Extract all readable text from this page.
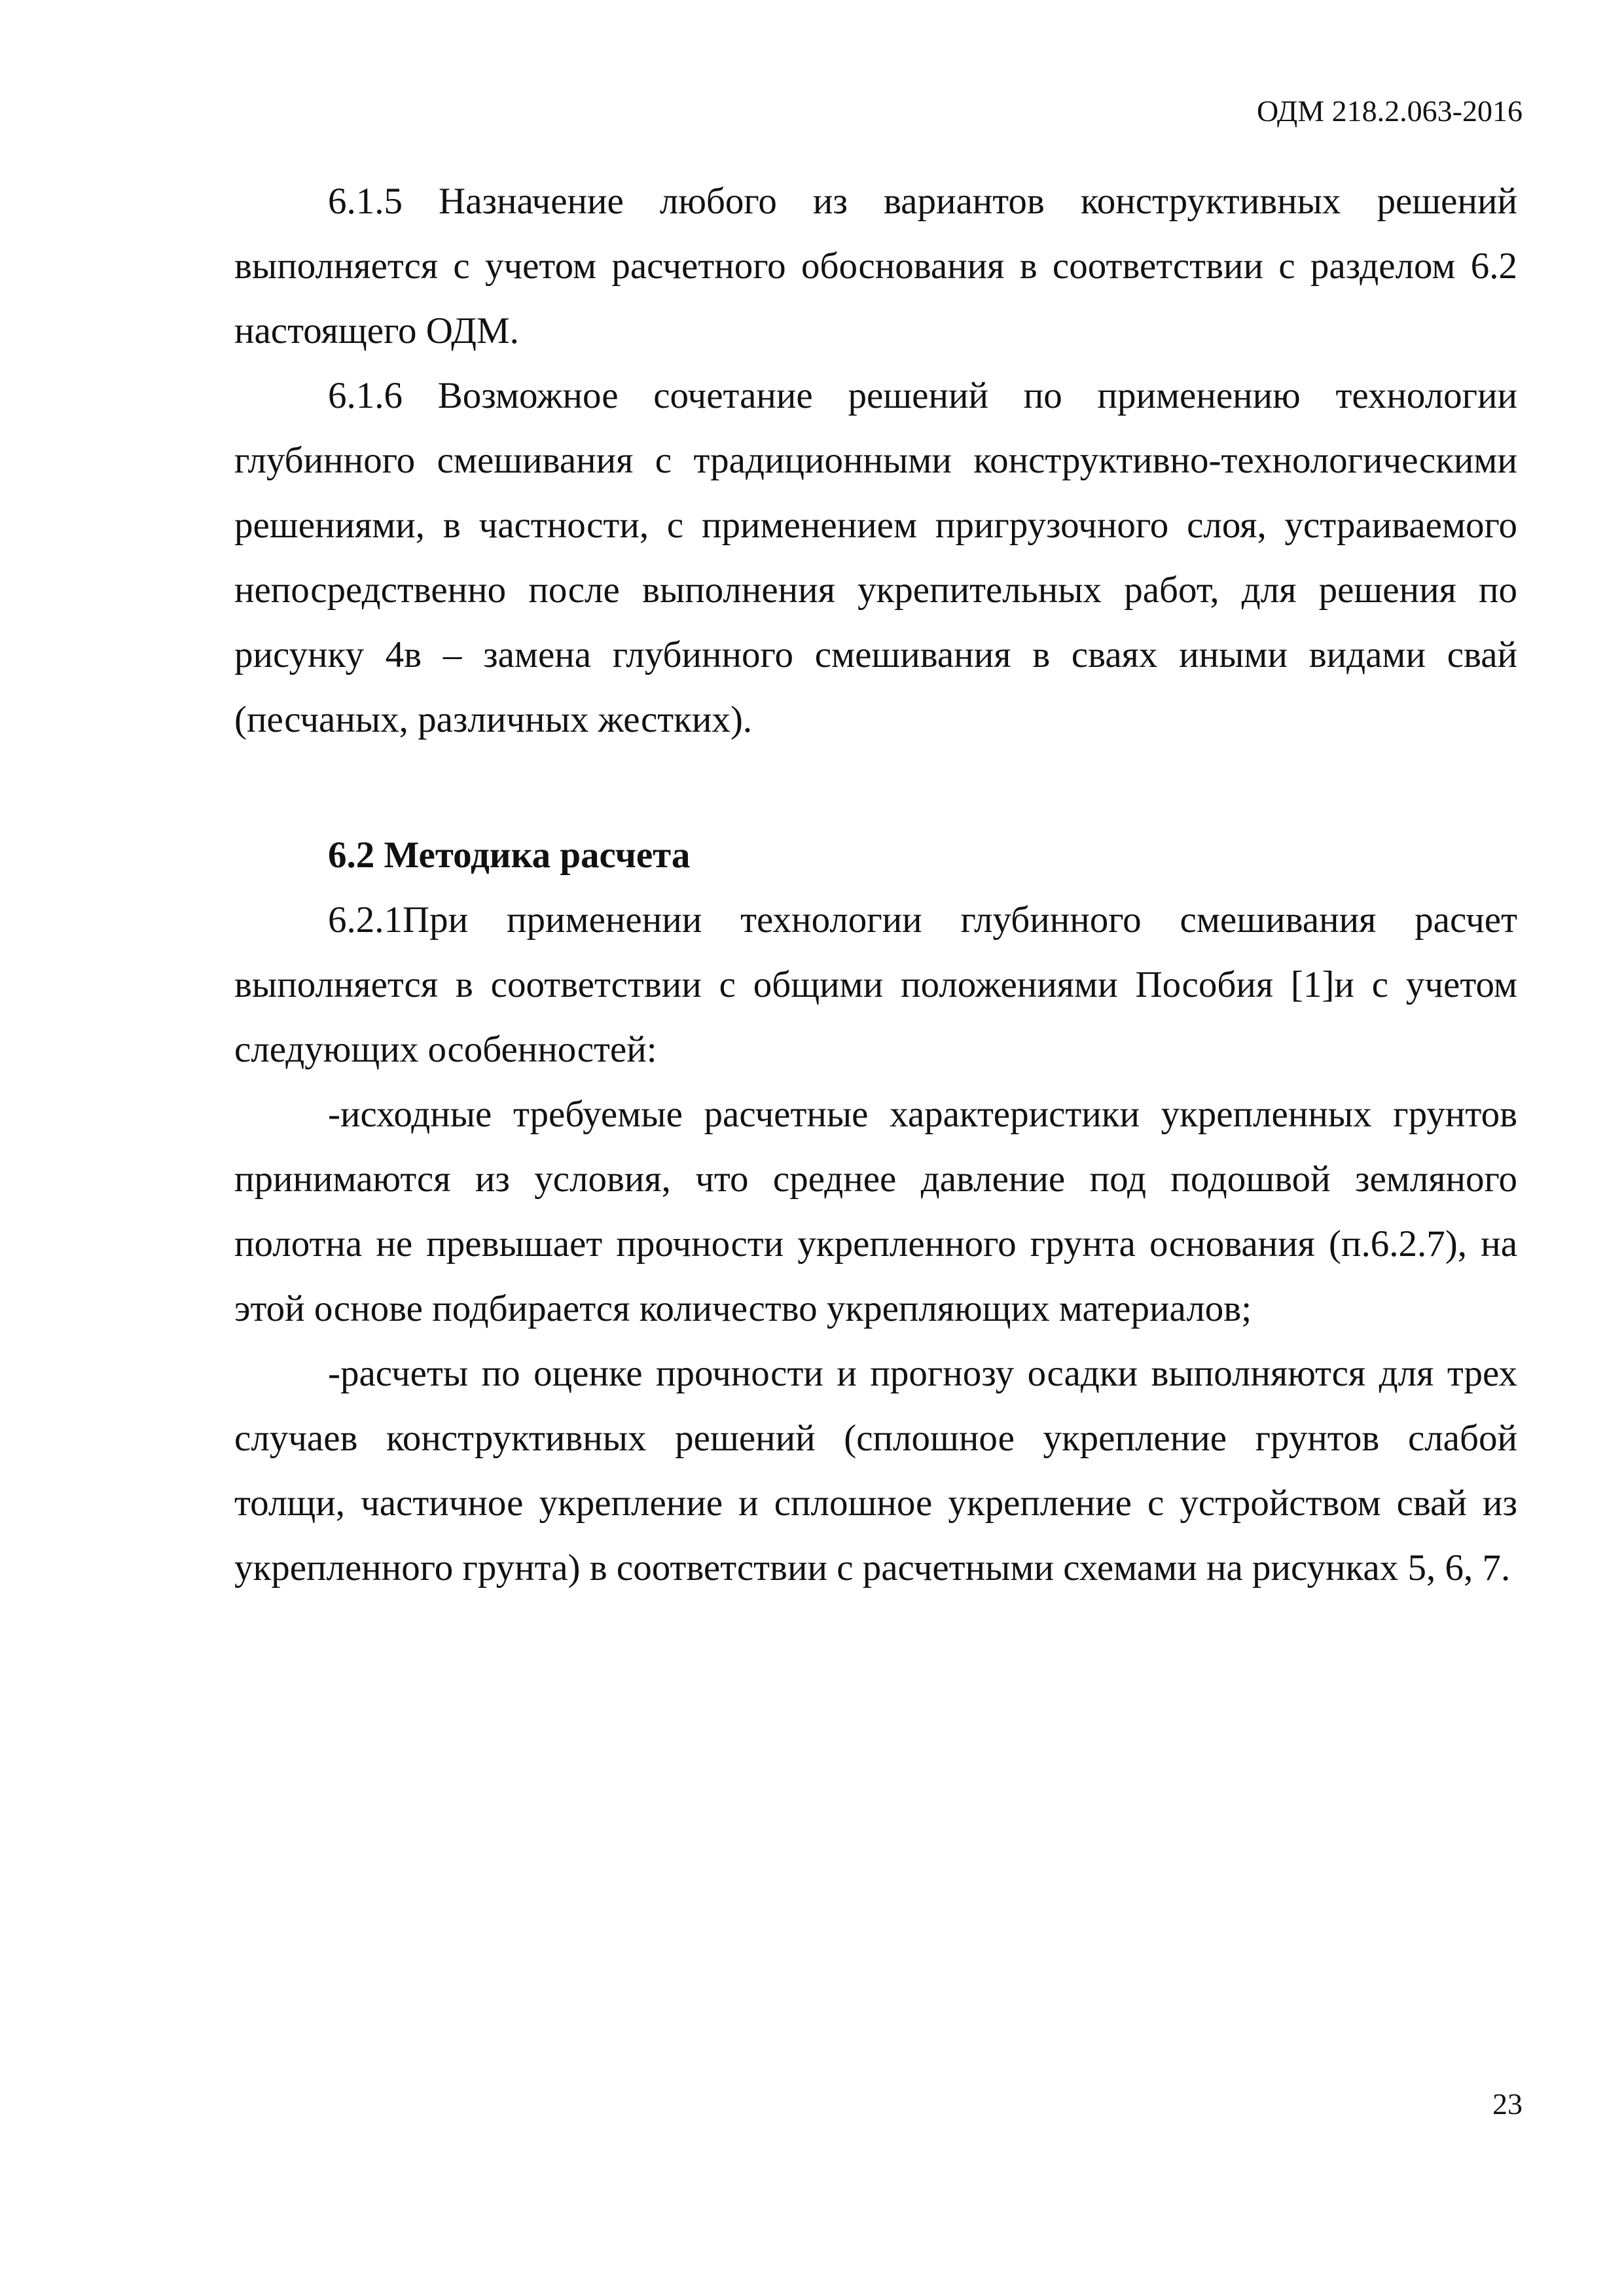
ОДМ 218.2.063-2016

6.1.5 Назначение любого из вариантов конструктивных решений выполняется с учетом расчетного обоснования в соответствии с разделом 6.2 настоящего ОДМ.

6.1.6 Возможное сочетание решений по применению технологии глубинного смешивания с традиционными конструктивно-технологическими решениями, в частности, с применением пригрузочного слоя, устраиваемого непосредственно после выполнения укрепительных работ, для решения по рисунку 4в – замена глубинного смешивания в сваях иными видами свай (песчаных, различных жестких).

6.2 Методика расчета

6.2.1При применении технологии глубинного смешивания расчет выполняется в соответствии с общими положениями Пособия [1]и с учетом следующих особенностей:

-исходные требуемые расчетные характеристики укрепленных грунтов принимаются из условия, что среднее давление под подошвой земляного полотна не превышает прочности укрепленного грунта основания (п.6.2.7), на этой основе подбирается количество укрепляющих материалов;

-расчеты по оценке прочности и прогнозу осадки выполняются для трех случаев конструктивных решений (сплошное укрепление грунтов слабой толщи, частичное укрепление и сплошное укрепление с устройством свай из укрепленного грунта) в соответствии с расчетными схемами на рисунках 5, 6, 7.

23
